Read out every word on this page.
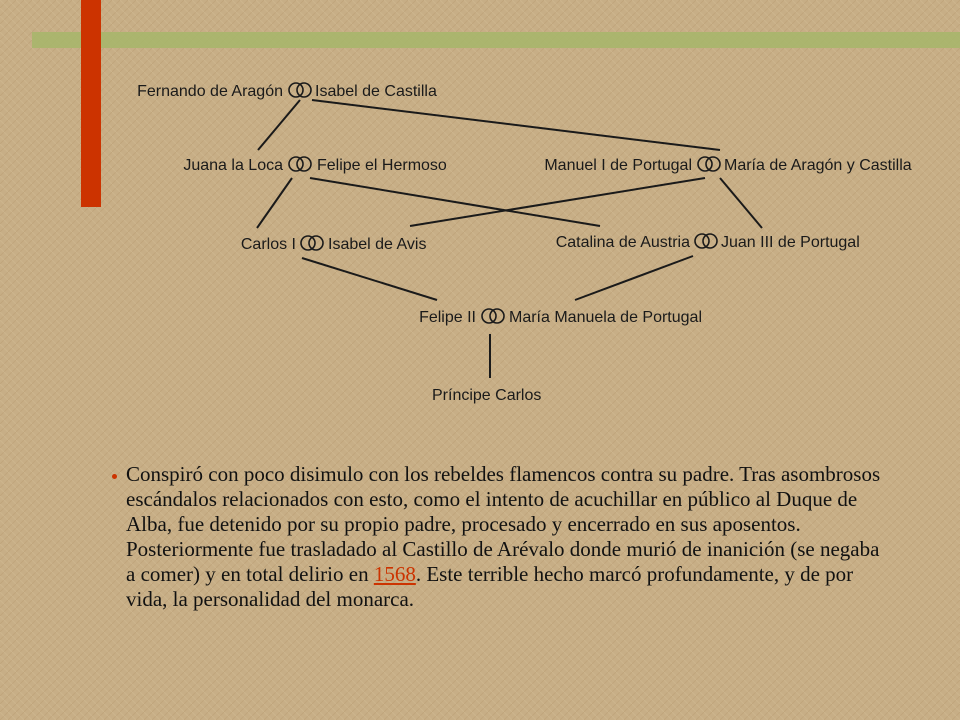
Fernando de Aragón Isabel de Castilla
Juana la Loca Felipe el Hermoso	Manuel I de Portugal María de Aragón y Castilla
Carlos I Isabel de Avis	Catalina de Austria Juan III de Portugal
Felipe II María Manuela de Portugal
Príncipe Carlos
Conspiró con poco disimulo con los rebeldes flamencos contra su padre. Tras asombrosos escándalos relacionados con esto, como el intento de acuchillar en público al Duque de Alba, fue detenido por su propio padre, procesado y encerrado en sus aposentos. Posteriormente fue trasladado al Castillo de Arévalo donde murió de inanición (se negaba a comer) y en total delirio en 1568. Este terrible hecho marcó profundamente, y de por vida, la personalidad del monarca.
